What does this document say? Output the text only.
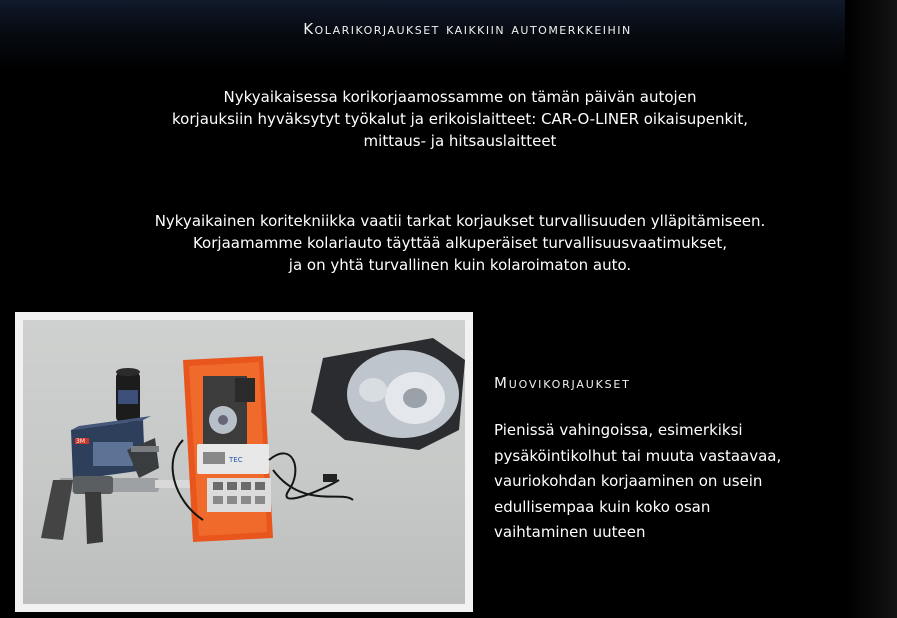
Kolarikorjaukset kaikkiin automerkkeihin

Nykyaikaisessa korikorjaamossamme on tämän päivän autojen

korjauksiin hyväksytyt työkalut ja erikoislaitteet: CAR-O-LINER oikaisupenkit,

mittaus- ja hitsauslaitteet

Nykyaikainen koritekniikka vaatii tarkat korjaukset turvallisuuden ylläpitämiseen.

Korjaamamme kolariauto täyttää alkuperäiset turvallisuusvaatimukset,

ja on yhtä turvallinen kuin kolaroimaton auto.

3M
TEC
Muovikorjaukset

Pienissä vahingoissa, esimerkiksi

pysäköintikolhut tai muuta vastaavaa,

vauriokohdan korjaaminen on usein

edullisempaa kuin koko osan

vaihtaminen uuteen
